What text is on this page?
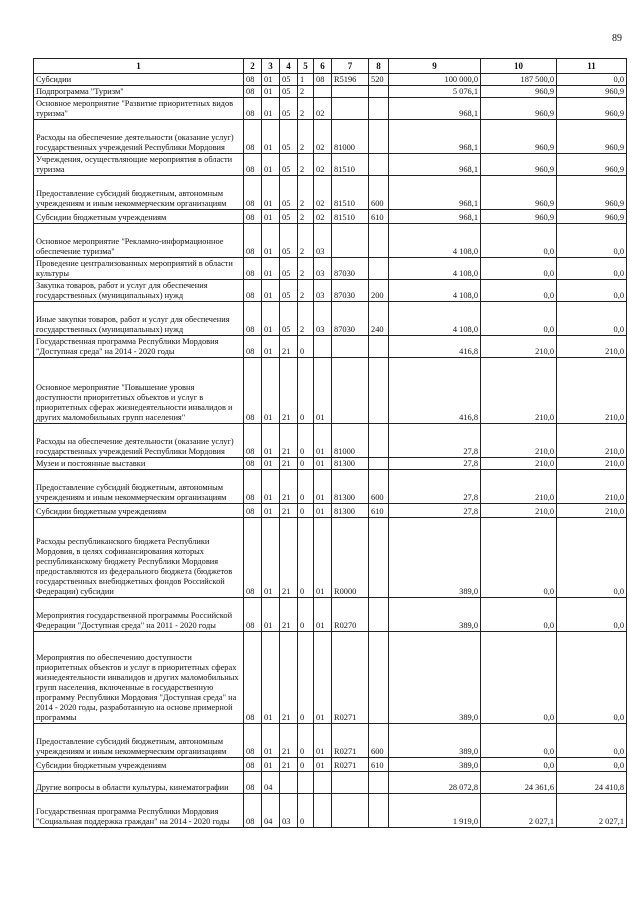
89
1	2	3	4	5	6	7	8	9	10	11
Субсидии	08	01	05	1	08	R5196	520	100 000,0	187 500,0	0,0
Подпрограмма "Туризм"	08	01	05	2				5 076,1	960,9	960,9
Основное мероприятие "Развитие приоритетных видов туризма"	08	01	05	2	02			968,1	960,9	960,9
Расходы на обеспечение деятельности (оказание услуг) государственных учреждений Республики Мордовия	08	01	05	2	02	81000		968,1	960,9	960,9
Учреждения, осуществляющие мероприятия в области туризма	08	01	05	2	02	81510		968,1	960,9	960,9
Предоставление субсидий бюджетным, автономным учреждениям и иным некоммерческим организациям	08	01	05	2	02	81510	600	968,1	960,9	960,9
Субсидии бюджетным учреждениям	08	01	05	2	02	81510	610	968,1	960,9	960,9
Основное мероприятие "Рекламно-информационное обеспечение туризма"	08	01	05	2	03			4 108,0	0,0	0,0
Проведение централизованных мероприятий в области культуры	08	01	05	2	03	87030		4 108,0	0,0	0,0
Закупка товаров, работ и услуг для обеспечения государственных (муниципальных) нужд	08	01	05	2	03	87030	200	4 108,0	0,0	0,0
Иные закупки товаров, работ и услуг для обеспечения государственных (муниципальных) нужд	08	01	05	2	03	87030	240	4 108,0	0,0	0,0
Государственная программа Республики Мордовия "Доступная среда" на 2014 - 2020 годы	08	01	21	0				416,8	210,0	210,0
Основное мероприятие "Повышение уровня доступности приоритетных объектов и услуг в приоритетных сферах жизнедеятельности инвалидов и других маломобильных групп населения"	08	01	21	0	01			416,8	210,0	210,0
Расходы на обеспечение деятельности (оказание услуг) государственных учреждений Республики Мордовия	08	01	21	0	01	81000		27,8	210,0	210,0
Музеи и постоянные выставки	08	01	21	0	01	81300		27,8	210,0	210,0
Предоставление субсидий бюджетным, автономным учреждениям и иным некоммерческим организациям	08	01	21	0	01	81300	600	27,8	210,0	210,0
Субсидии бюджетным учреждениям	08	01	21	0	01	81300	610	27,8	210,0	210,0
Расходы республиканского бюджета Республики Мордовия, в целях софинансирования которых республиканскому бюджету Республики Мордовия предоставляются из федерального бюджета (бюджетов государственных внебюджетных фондов Российской Федерации) субсидии	08	01	21	0	01	R0000		389,0	0,0	0,0
Мероприятия государственной программы Российской Федерации "Доступная среда" на 2011 - 2020 годы	08	01	21	0	01	R0270		389,0	0,0	0,0
Мероприятия по обеспечению доступности приоритетных объектов и услуг в приоритетных сферах жизнедеятельности инвалидов и других маломобильных групп населения, включенные в государственную программу Республики Мордовия "Доступная среда" на 2014 - 2020 годы, разработанную на основе примерной программы	08	01	21	0	01	R0271		389,0	0,0	0,0
Предоставление субсидий бюджетным, автономным учреждениям и иным некоммерческим организациям	08	01	21	0	01	R0271	600	389,0	0,0	0,0
Субсидии бюджетным учреждениям	08	01	21	0	01	R0271	610	389,0	0,0	0,0
Другие вопросы в области культуры, кинематографии	08	04						28 072,8	24 361,6	24 410,8
Государственная программа Республики Мордовия "Социальная поддержка граждан" на 2014 - 2020 годы	08	04	03	0				1 919,0	2 027,1	2 027,1
